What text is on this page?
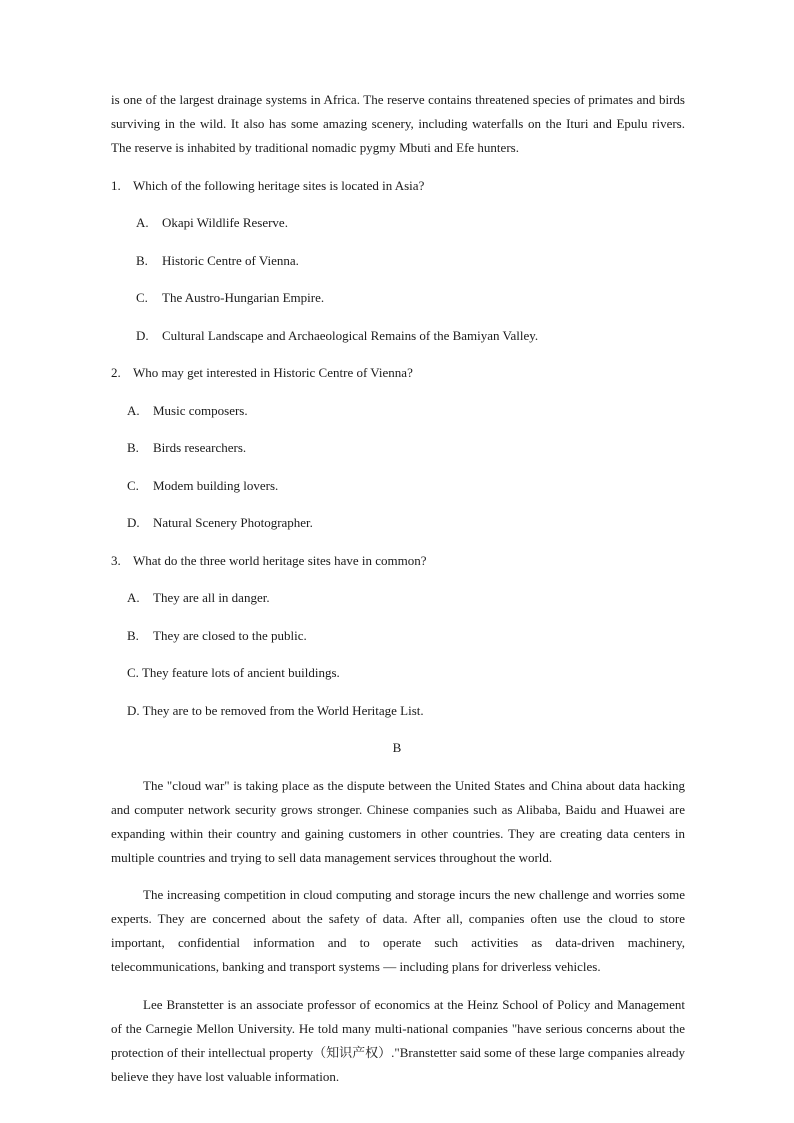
is one of the largest drainage systems in Africa. The reserve contains threatened species of primates and birds surviving in the wild. It also has some amazing scenery, including waterfalls on the Ituri and Epulu rivers. The reserve is inhabited by traditional nomadic pygmy Mbuti and Efe hunters.

1. Which of the following heritage sites is located in Asia?
A. Okapi Wildlife Reserve.
B. Historic Centre of Vienna.
C. The Austro-Hungarian Empire.
D. Cultural Landscape and Archaeological Remains of the Bamiyan Valley.
2. Who may get interested in Historic Centre of Vienna?
A. Music composers.
B. Birds researchers.
C. Modem building lovers.
D. Natural Scenery Photographer.
3. What do the three world heritage sites have in common?
A. They are all in danger.
B. They are closed to the public.
C. They feature lots of ancient buildings.
D. They are to be removed from the World Heritage List.
B

The "cloud war" is taking place as the dispute between the United States and China about data hacking and computer network security grows stronger. Chinese companies such as Alibaba, Baidu and Huawei are expanding within their country and gaining customers in other countries. They are creating data centers in multiple countries and trying to sell data management services throughout the world.

The increasing competition in cloud computing and storage incurs the new challenge and worries some experts. They are concerned about the safety of data. After all, companies often use the cloud to store important, confidential information and to operate such activities as data-driven machinery, telecommunications, banking and transport systems — including plans for driverless vehicles.

Lee Branstetter is an associate professor of economics at the Heinz School of Policy and Management of the Carnegie Mellon University. He told many multi-national companies "have serious concerns about the protection of their intellectual property（知识产权）."Branstetter said some of these large companies already believe they have lost valuable information.
